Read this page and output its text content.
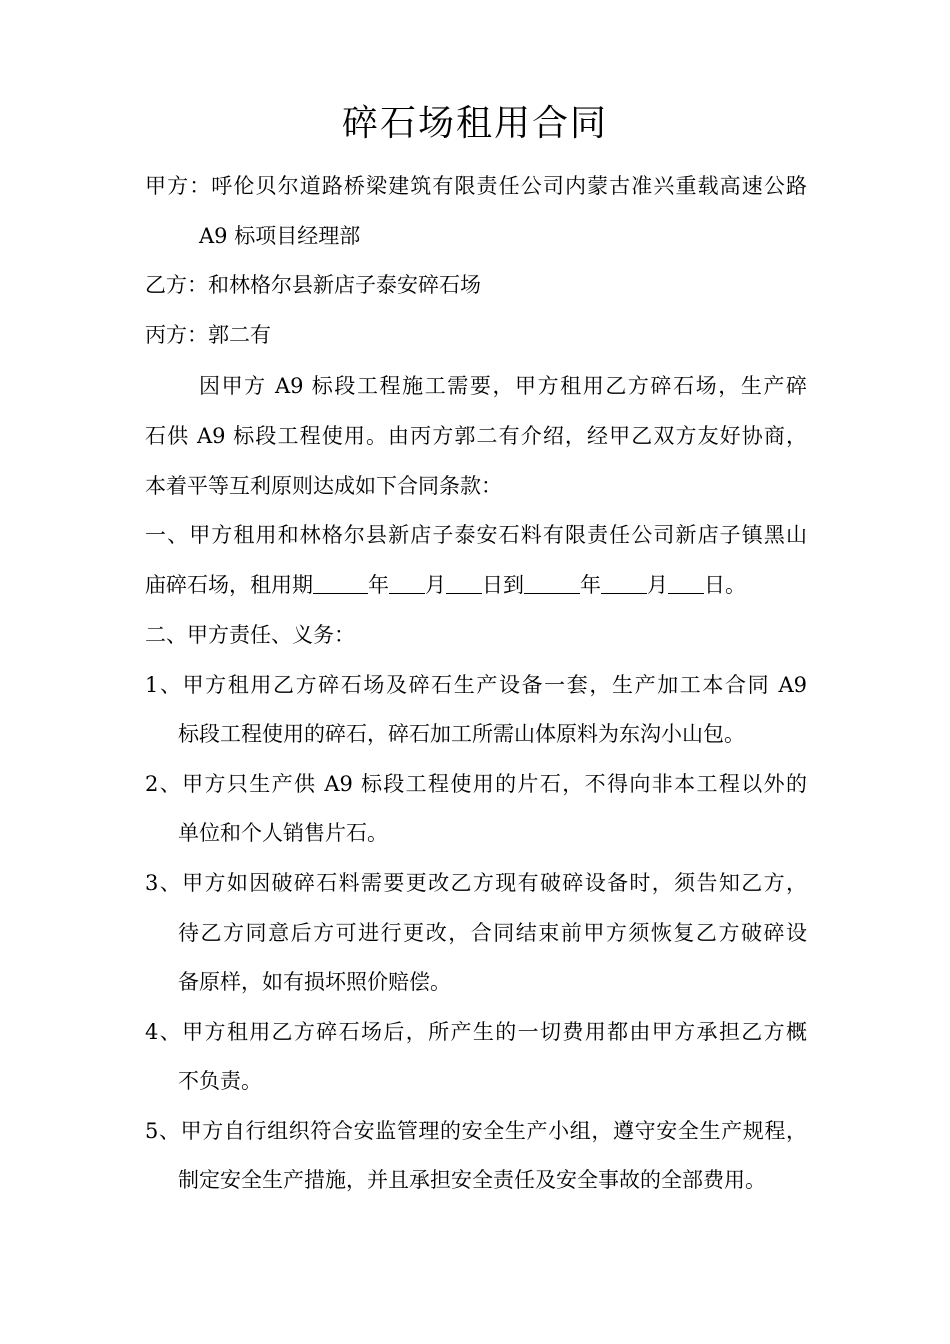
碎石场租用合同
甲方：呼伦贝尔道路桥梁建筑有限责任公司内蒙古准兴重载高速公路
A9 标项目经理部
乙方：和林格尔县新店子泰安碎石场
丙方：郭二有
因甲方 A9 标段工程施工需要，甲方租用乙方碎石场，生产碎
石供 A9 标段工程使用。由丙方郭二有介绍，经甲乙双方友好协商，
本着平等互利原则达成如下合同条款：
一、甲方租用和林格尔县新店子泰安石料有限责任公司新店子镇黑山
庙碎石场，租用期	年 月 日到	年 月 日。
二、甲方责任、义务：
1、甲方租用乙方碎石场及碎石生产设备一套，生产加工本合同 A9
标段工程使用的碎石，碎石加工所需山体原料为东沟小山包。
2、甲方只生产供 A9 标段工程使用的片石，不得向非本工程以外的
单位和个人销售片石。
3、甲方如因破碎石料需要更改乙方现有破碎设备时，须告知乙方，
待乙方同意后方可进行更改，合同结束前甲方须恢复乙方破碎设
备原样，如有损坏照价赔偿。
4、甲方租用乙方碎石场后，所产生的一切费用都由甲方承担乙方概
不负责。
5、甲方自行组织符合安监管理的安全生产小组，遵守安全生产规程，
制定安全生产措施，并且承担安全责任及安全事故的全部费用。
